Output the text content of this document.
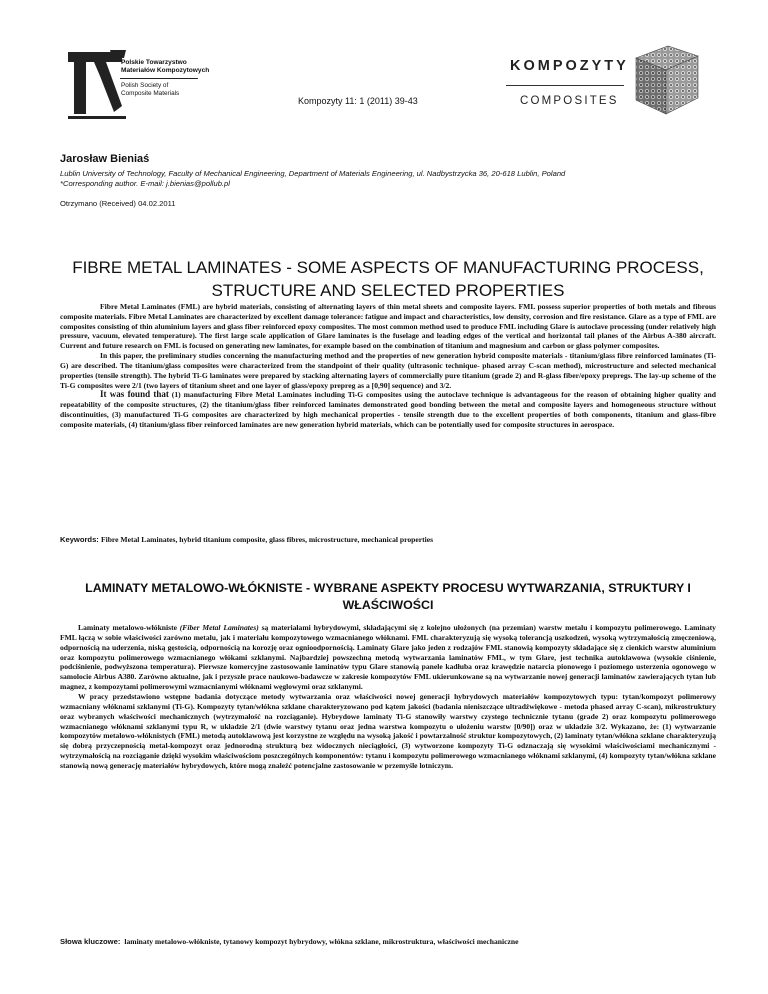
Polskie Towarzystwo
Materiałów Kompozytowych
Polish Society of
Composite Materials
Kompozyty 11: 1 (2011) 39-43
KOMPOZYTY
COMPOSITES
Jarosław Bieniaś
Lublin University of Technology, Faculty of Mechanical Engineering, Department of Materials Engineering, ul. Nadbystrzycka 36, 20-618 Lublin, Poland
*Corresponding author. E-mail: j.bienias@pollub.pl
Otrzymano (Received) 04.02.2011
FIBRE METAL LAMINATES - SOME ASPECTS OF MANUFACTURING PROCESS, STRUCTURE AND SELECTED PROPERTIES

Fibre Metal Laminates (FML) are hybrid materials, consisting of alternating layers of thin metal sheets and composite layers. FML possess superior properties of both metals and fibrous composite materials. Fibre Metal Laminates are characterized by excellent damage tolerance: fatigue and impact and characteristics, low density, corrosion and fire resistance. Glare as a type of FML are composites consisting of thin aluminium layers and glass fiber reinforced epoxy composites. The most common method used to produce FML including Glare is autoclave processing (under relatively high pressure, vacuum, elevated temperature). The first large scale application of Glare laminates is the fuselage and leading edges of the vertical and horizontal tail planes of the Airbus A-380 aircraft. Current and future research on FML is focused on generating new laminates, for example based on the combination of titanium and magnesium and carbon or glass polymer composites.

In this paper, the preliminary studies concerning the manufacturing method and the properties of new generation hybrid composite materials - titanium/glass fibre reinforced laminates (Ti-G) are described. The titanium/glass composites were characterized from the standpoint of their quality (ultrasonic technique- phased array C-scan method), microstructure and selected mechanical properties (tensile strength). The hybrid Ti-G laminates were prepared by stacking alternating layers of commercially pure titanium (grade 2) and R-glass fiber/epoxy prepregs. The lay-up scheme of the Ti-G composites were 2/1 (two layers of titanium sheet and one layer of glass/epoxy prepreg as a [0,90] sequence) and 3/2.

It was found that (1) manufacturing Fibre Metal Laminates including Ti-G composites using the autoclave technique is advantageous for the reason of obtaining higher quality and repeatability of the composite structures, (2) the titanium/glass fiber reinforced laminates demonstrated good bonding between the metal and composite layers and homogeneous structure without discontinuities, (3) manufactured Ti-G composites are characterized by high mechanical properties - tensile strength due to the excellent properties of both components, titanium and glass-fibre composite materials, (4) titanium/glass fiber reinforced laminates are new generation hybrid materials, which can be potentially used for composite structures in aerospace.

Keywords: Fibre Metal Laminates, hybrid titanium composite, glass fibres, microstructure, mechanical properties
LAMINATY METALOWO-WŁÓKNISTE - WYBRANE ASPEKTY PROCESU WYTWARZANIA, STRUKTURY I WŁAŚCIWOŚCI

Laminaty metalowo-włókniste (Fiber Metal Laminates) są materiałami hybrydowymi, składającymi się z kolejno ułożonych (na przemian) warstw metalu i kompozytu polimerowego. Laminaty FML łączą w sobie właściwości zarówno metalu, jak i materiału kompozytowego wzmacnianego włóknami. FML charakteryzują się wysoką tolerancją uszkodzeń, wysoką wytrzymałością zmęczeniową, odpornością na uderzenia, niską gęstością, odpornością na korozję oraz ognioodpornością. Laminaty Glare jako jeden z rodzajów FML stanowią kompozyty składające się z cienkich warstw aluminium oraz kompozytu polimerowego wzmacnianego włókami szklanymi. Najbardziej powszechną metodą wytwarzania laminatów FML, w tym Glare, jest technika autoklawowa (wysokie ciśnienie, podciśnienie, podwyższona temperatura). Pierwsze komercyjne zastosowanie laminatów typu Glare stanowią panele kadłuba oraz krawędzie natarcia pionowego i poziomego usterzenia ogonowego w samolocie Airbus A380. Zarówno aktualne, jak i przyszłe prace naukowo-badawcze w zakresie kompozytów FML ukierunkowane są na wytwarzanie nowej generacji laminatów zawierających tytan lub magnez, z kompozytami polimerowymi wzmacnianymi włóknami węglowymi oraz szklanymi.

W pracy przedstawiono wstępne badania dotyczące metody wytwarzania oraz właściwości nowej generacji hybrydowych materiałów kompozytowych typu: tytan/kompozyt polimerowy wzmacniany włóknami szklanymi (Ti-G). Kompozyty tytan/włókna szklane charakteryzowano pod kątem jakości (badania nieniszczące ultradźwiękowe - metoda phased array C-scan), mikrostruktury oraz wybranych właściwości mechanicznych (wytrzymałość na rozciąganie). Hybrydowe laminaty Ti-G stanowiły warstwy czystego technicznie tytanu (grade 2) oraz kompozytu polimerowego wzmacnianego włóknami szklanymi typu R, w układzie 2/1 (dwie warstwy tytanu oraz jedna warstwa kompozytu o ułożeniu warstw [0/90]) oraz w układzie 3/2. Wykazano, że: (1) wytwarzanie kompozytów metalowo-włóknistych (FML) metodą autoklawową jest korzystne ze względu na wysoką jakość i powtarzalność struktur kompozytowych, (2) laminaty tytan/włókna szklane charakteryzują się dobrą przyczepnością metal-kompozyt oraz jednorodną strukturą bez widocznych nieciągłości, (3) wytworzone kompozyty Ti-G odznaczają się wysokimi właściwościami mechanicznymi - wytrzymałością na rozciąganie dzięki wysokim właściwościom poszczególnych komponentów: tytanu i kompozytu polimerowego wzmacnianego włóknami szklanymi, (4) kompozyty tytan/włókna szklane stanowią nową generację materiałów hybrydowych, które mogą znaleźć potencjalne zastosowanie w przemyśle lotniczym.

Słowa kluczowe: laminaty metalowo-włókniste, tytanowy kompozyt hybrydowy, włókna szklane, mikrostruktura, właściwości mechaniczne
